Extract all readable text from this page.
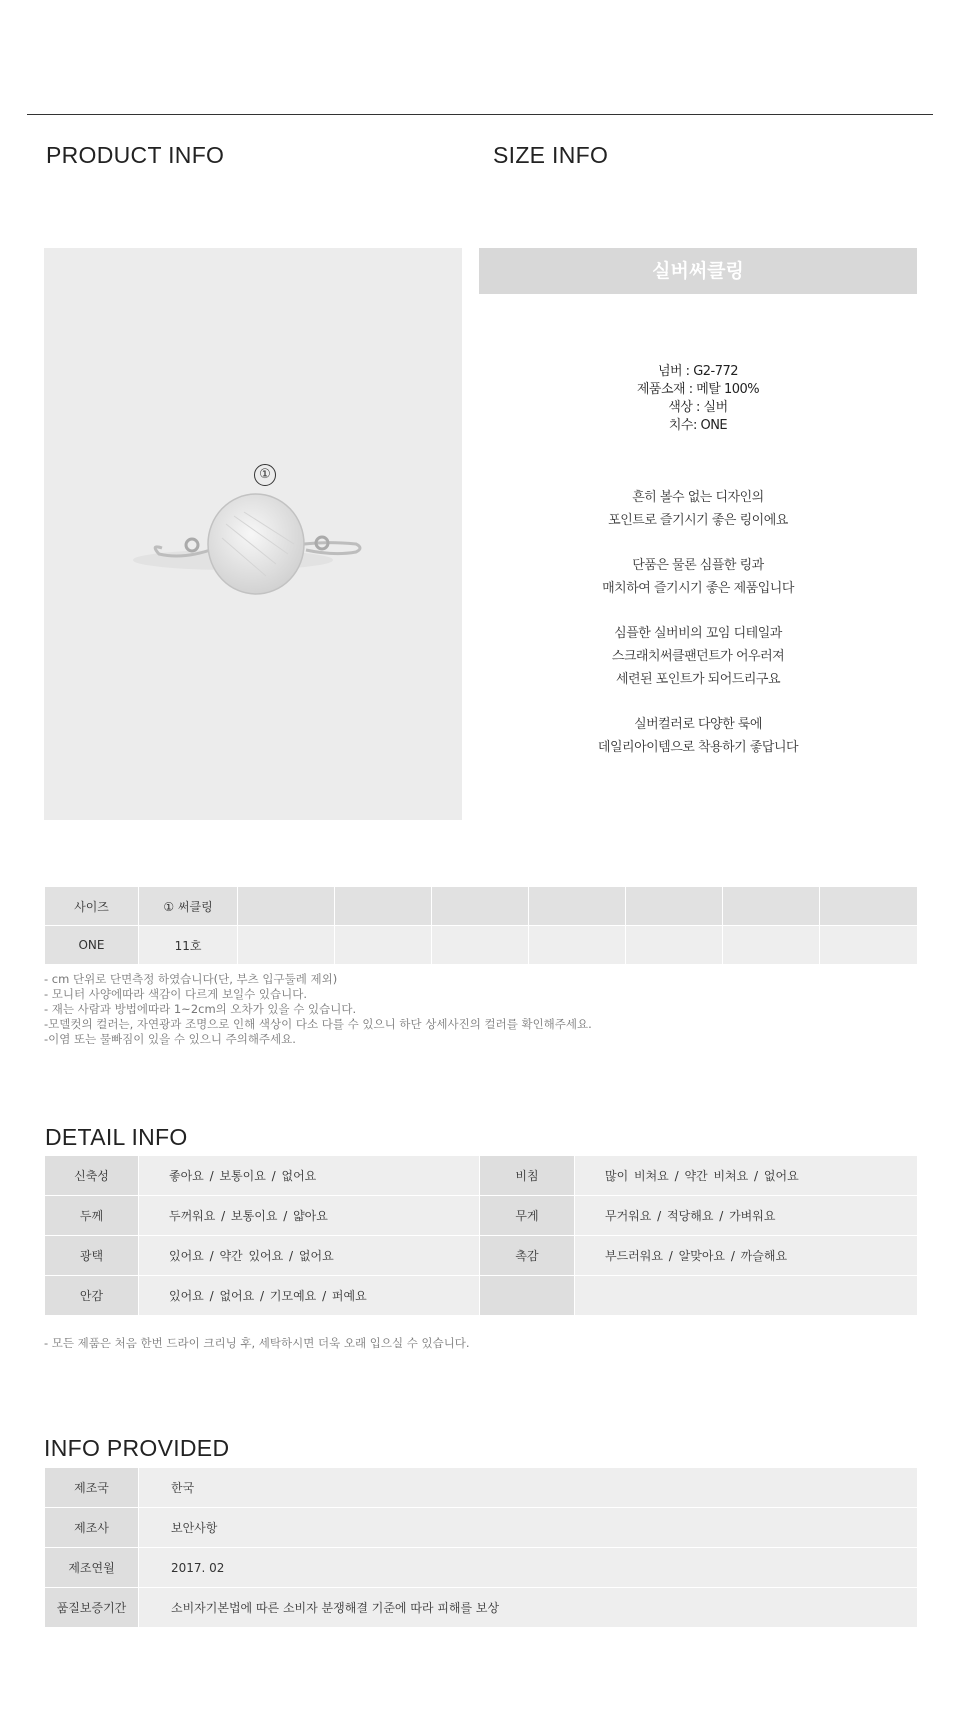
PRODUCT INFO	SIZE INFO
①
실버써클링
넘버 : G2-772
제품소재 : 메탈 100%
색상 : 실버
치수: ONE
흔히 볼수 없는 디자인의
포인트로 즐기시기 좋은 링이에요
단품은 물론 심플한 링과
매치하여 즐기시기 좋은 제품입니다
심플한 실버비의 꼬임 디테일과
스크래치써클팬던트가 어우러져
세련된 포인트가 되어드리구요
실버컬러로 다양한 룩에
데일리아이템으로 착용하기 좋답니다
사이즈	① 써클링							
ONE	11호							
- cm 단위로 단면측정 하였습니다(단, 부츠 입구둘레 제외)
- 모니터 사양에따라 색감이 다르게 보일수 있습니다.
- 재는 사람과 방법에따라 1~2cm의 오차가 있을 수 있습니다.
-모델컷의 컬러는, 자연광과 조명으로 인해 색상이 다소 다를 수 있으니 하단 상세사진의 컬러를 확인해주세요.
-이염 또는 물빠짐이 있을 수 있으니 주의해주세요.
DETAIL INFO
신축성	좋아요 / 보통이요 / 없어요	비침	많이 비쳐요 / 약간 비쳐요 / 없어요
두께	두꺼워요 / 보통이요 / 얇아요	무게	무거워요 / 적당해요 / 가벼워요
광택	있어요 / 약간 있어요 / 없어요	촉감	부드러워요 / 알맞아요 / 까슬해요
안감	있어요 / 없어요 / 기모예요 / 퍼예요		
- 모든 제품은 처음 한번 드라이 크리닝 후, 세탁하시면 더욱 오래 입으실 수 있습니다.
INFO PROVIDED
제조국	한국
제조사	보안사항
제조연월	2017. 02
품질보증기간	소비자기본법에 따른 소비자 분쟁해결 기준에 따라 피해를 보상
